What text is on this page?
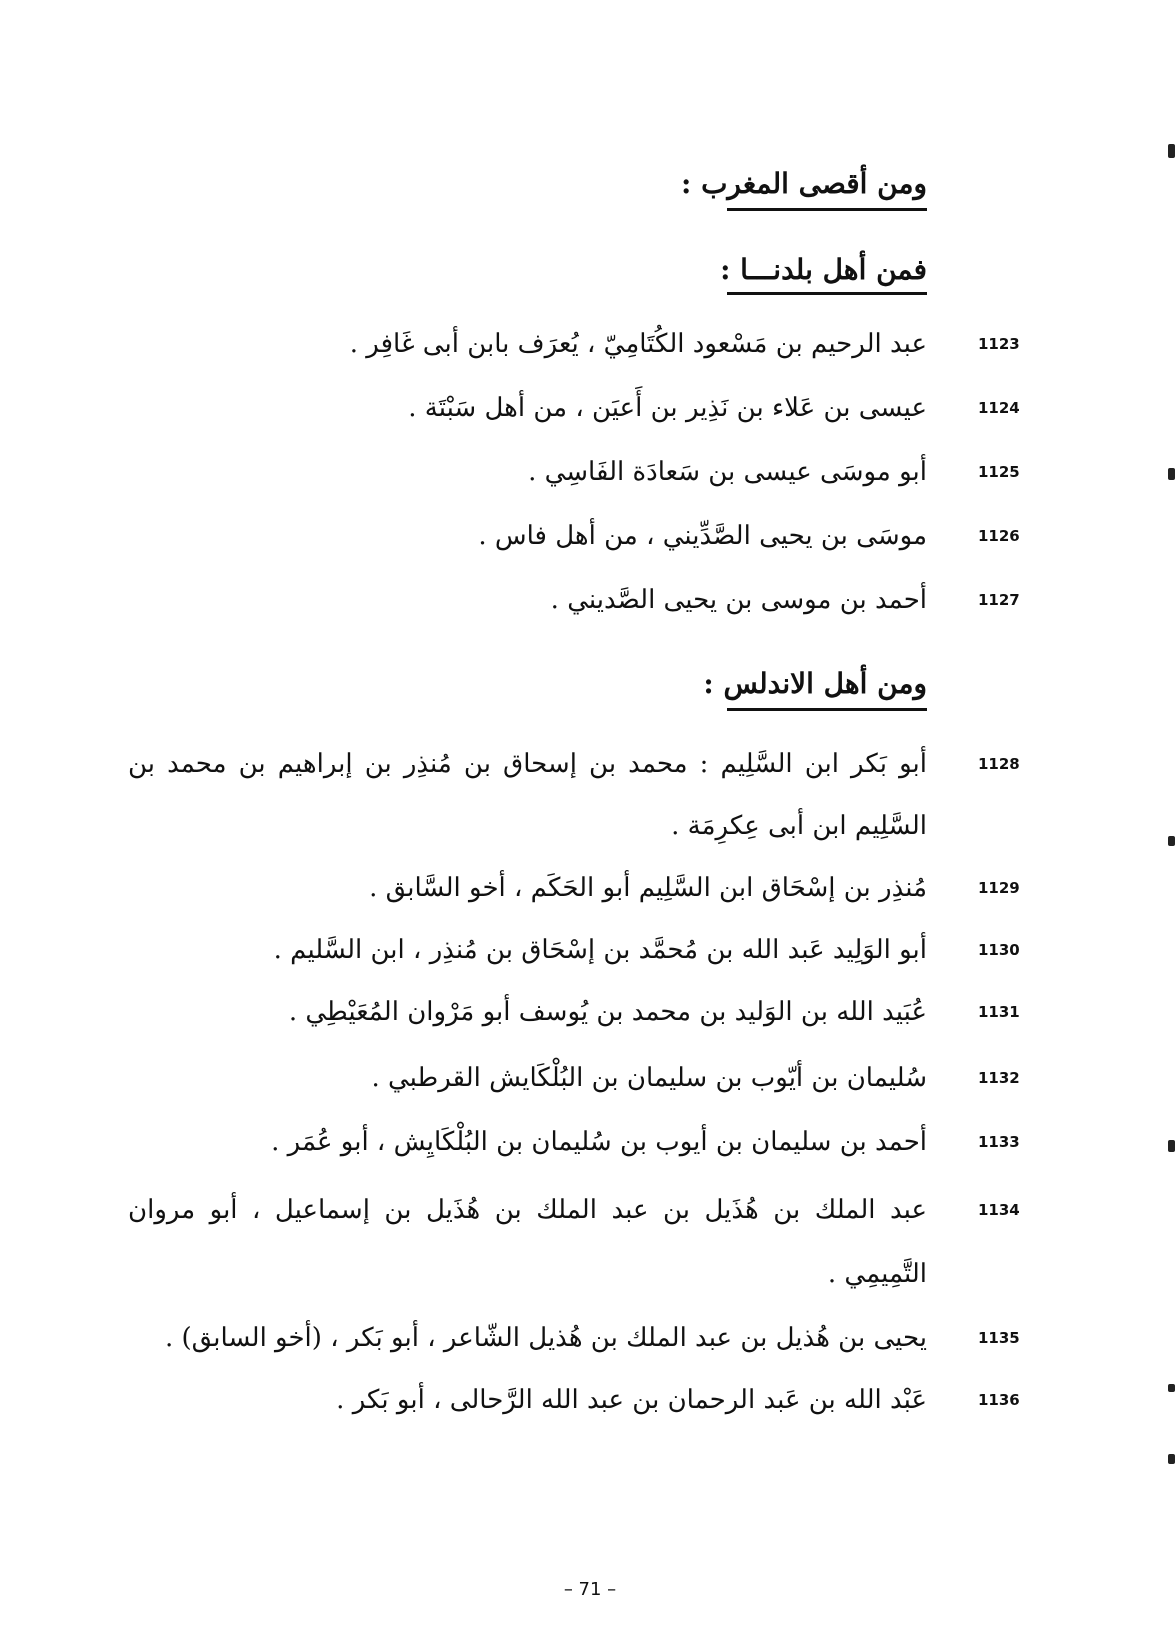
ومن أقصى المغرب :
فمن أهل بلدنـــا :
1123
عبد الرحيم بن مَسْعود الكُتَامِيّ ، يُعرَف بابن أبى غَافِر .
1124
عيسى بن عَلاء بن نَذِير بن أَعيَن ، من أهل سَبْتَة .
1125
أبو موسَى عيسى بن سَعادَة الفَاسِي .
1126
موسَى بن يحيى الصَّدِّيني ، من أهل فاس .
1127
أحمد بن موسى بن يحيى الصَّديني .
ومن أهل الاندلس :
1128
أبو بَكر ابن السَّلِيم : محمد بن إسحاق بن مُنذِر بن إبراهيم بن محمد بن
السَّلِيم ابن أبى عِكرِمَة .
1129
مُنذِر بن إسْحَاق ابن السَّلِيم أبو الحَكَم ، أخو السَّابق .
1130
أبو الوَلِيد عَبد الله بن مُحمَّد بن إسْحَاق بن مُنذِر ، ابن السَّليم .
1131
عُبَيد الله بن الوَليد بن محمد بن يُوسف أبو مَرْوان المُعَيْطِي .
1132
سُليمان بن أيّوب بن سليمان بن البُلْكَايش القرطبي .
1133
أحمد بن سليمان بن أيوب بن سُليمان بن البُلْكَايِش ، أبو عُمَر .
1134
عبد الملك بن هُذَيل بن عبد الملك بن هُذَيل بن إسماعيل ، أبو مروان
التَّمِيمِي .
1135
يحيى بن هُذيل بن عبد الملك بن هُذيل الشّاعر ، أبو بَكر ، (أخو السابق) .
1136
عَبْد الله بن عَبد الرحمان بن عبد الله الرَّحالى ، أبو بَكر .
– 71 –
